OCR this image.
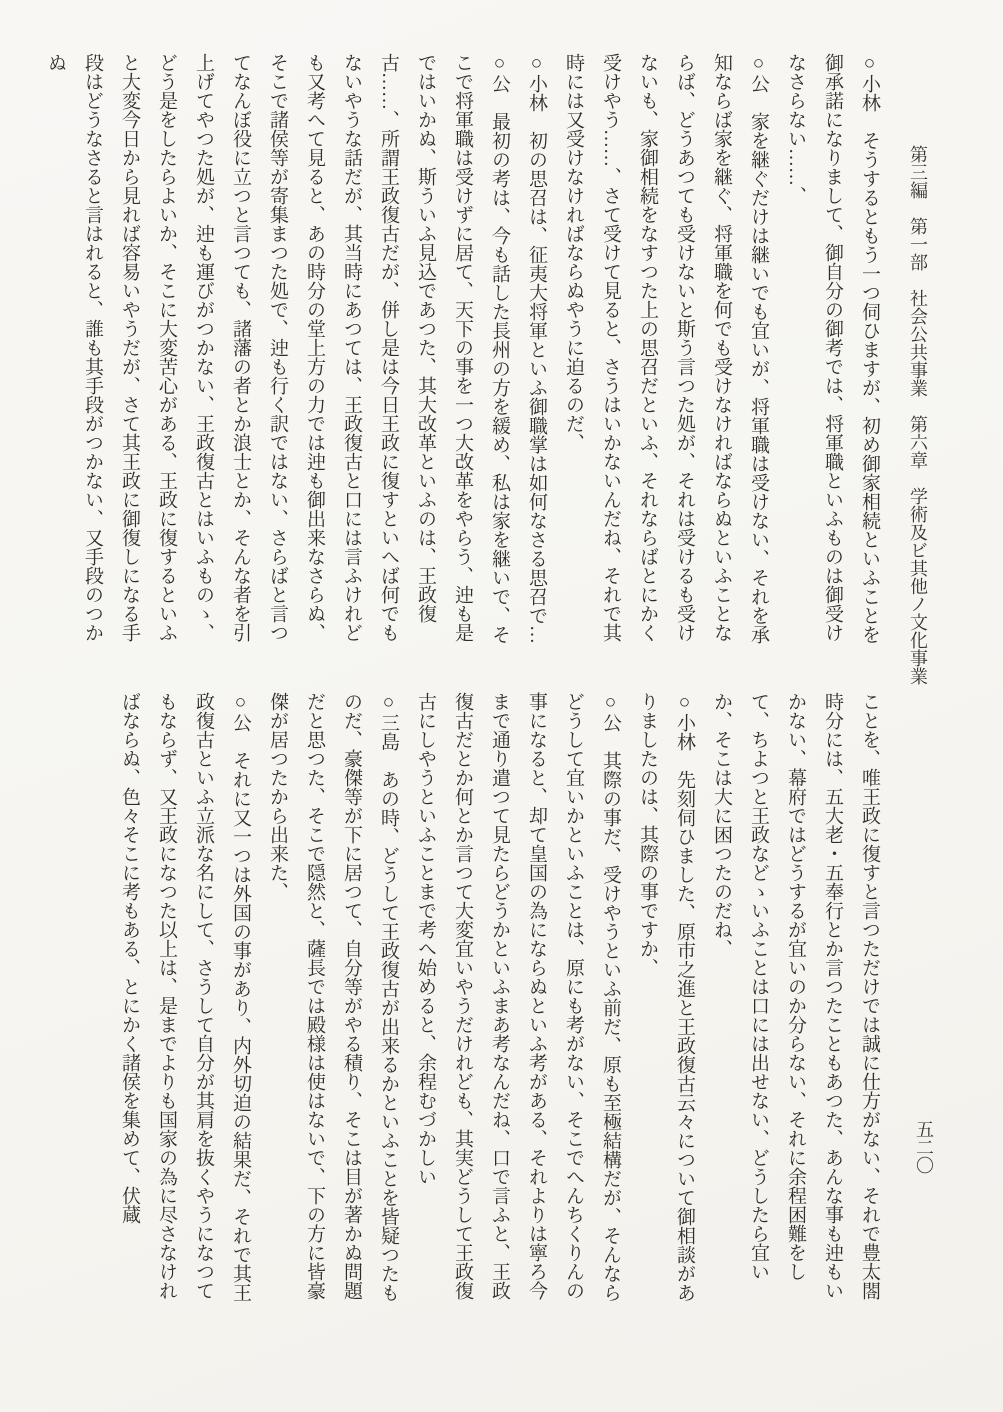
第三編　第一部　社会公共事業　第六章　学術及ビ其他ノ文化事業
五二〇

○小林　そうするともう一つ伺ひますが、初め御家相続といふことを御承諾になりまして、御自分の御考では、将軍職といふものは御受けなさらない……、

○公　家を継ぐだけは継いでも宜いが、将軍職は受けない、それを承知ならば家を継ぐ、将軍職を何でも受けなければならぬといふことならば、どうあつても受けないと斯う言つた処が、それは受けるも受けないも、家御相続をなすつた上の思召だといふ、それならばとにかく受けやう……、さて受けて見ると、さうはいかないんだね、それで其時には又受けなければならぬやうに迫るのだ、

○小林　初の思召は、征夷大将軍といふ御職掌は如何なさる思召で…

○公　最初の考は、今も話した長州の方を緩め、私は家を継いで、そこで将軍職は受けずに居て、天下の事を一つ大改革をやらう、迚も是ではいかぬ、斯ういふ見込であつた、其大改革といふのは、王政復古……、所謂王政復古だが、併し是は今日王政に復すといへば何でもないやうな話だが、其当時にあつては、王政復古と口には言ふけれども又考へて見ると、あの時分の堂上方の力では迚も御出来なさらぬ、そこで諸侯等が寄集まつた処で、迚も行く訳ではない、さらばと言つてなんぼ役に立つと言つても、諸藩の者とか浪士とか、そんな者を引上げてやつた処が、迚も運びがつかない、王政復古とはいふものゝ、どう是をしたらよいか、そこに大変苦心がある、王政に復するといふと大変今日から見れば容易いやうだが、さて其王政に御復しになる手段はどうなさると言はれると、誰も其手段がつかない、又手段のつかぬ

ことを、唯王政に復すと言つただけでは誠に仕方がない、それで豊太閤時分には、五大老・五奉行とか言つたこともあつた、あんな事も迚もいかない、幕府ではどうするが宜いのか分らない、それに余程困難をして、ちよつと王政などゝいふことは口には出せない、どうしたら宜いか、そこは大に困つたのだね、

○小林　先刻伺ひました、原市之進と王政復古云々について御相談がありましたのは、其際の事ですか、

○公　其際の事だ、受けやうといふ前だ、原も至極結構だが、そんならどうして宜いかといふことは、原にも考がない、そこでへんちくりんの事になると、却て皇国の為にならぬといふ考がある、それよりは寧ろ今まで通り遣つて見たらどうかといふまあ考なんだね、口で言ふと、王政復古だとか何とか言つて大変宜いやうだけれども、其実どうして王政復古にしやうといふことまで考へ始めると、余程むづかしい

○三島　あの時、どうして王政復古が出来るかといふことを皆疑つたものだ、豪傑等が下に居つて、自分等がやる積り、そこは目が著かぬ問題だと思つた、そこで隠然と、薩長では殿様は使はないで、下の方に皆豪傑が居つたから出来た、

○公　それに又一つは外国の事があり、内外切迫の結果だ、それで其王政復古といふ立派な名にして、さうして自分が其肩を抜くやうになつてもならず、又王政になつた以上は、是までよりも国家の為に尽さなければならぬ、色々そこに考もある、とにかく諸侯を集めて、伏蔵
